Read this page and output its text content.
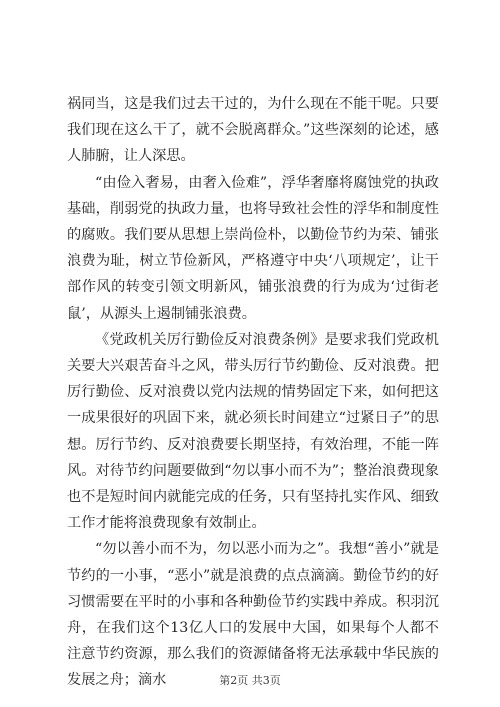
祸同当，这是我们过去干过的，为什么现在不能干呢。只要我们现在这么干了，就不会脱离群众。”这些深刻的论述，感人肺腑，让人深思。

“由俭入奢易，由奢入俭难”，浮华奢靡将腐蚀党的执政基础，削弱党的执政力量，也将导致社会性的浮华和制度性的腐败。我们要从思想上崇尚俭朴，以勤俭节约为荣、铺张浪费为耻，树立节俭新风，严格遵守中央‘八项规定’，让干部作风的转变引领文明新风，铺张浪费的行为成为‘过街老鼠’，从源头上遏制铺张浪费。

《党政机关厉行勤俭反对浪费条例》是要求我们党政机关要大兴艰苦奋斗之风，带头厉行节约勤俭、反对浪费。把厉行勤俭、反对浪费以党内法规的情势固定下来，如何把这一成果很好的巩固下来，就必须长时间建立“过紧日子”的思想。厉行节约、反对浪费要长期坚持，有效治理，不能一阵风。对待节约问题要做到“勿以事小而不为”；整治浪费现象也不是短时间内就能完成的任务，只有坚持扎实作风、细致工作才能将浪费现象有效制止。

“勿以善小而不为，勿以恶小而为之”。我想“善小”就是节约的一小事，“恶小”就是浪费的点点滴滴。勤俭节约的好习惯需要在平时的小事和各种勤俭节约实践中养成。积羽沉舟，在我们这个13亿人口的发展中大国，如果每个人都不注意节约资源，那么我们的资源储备将无法承载中华民族的发展之舟；滴水	第2页 共3页
